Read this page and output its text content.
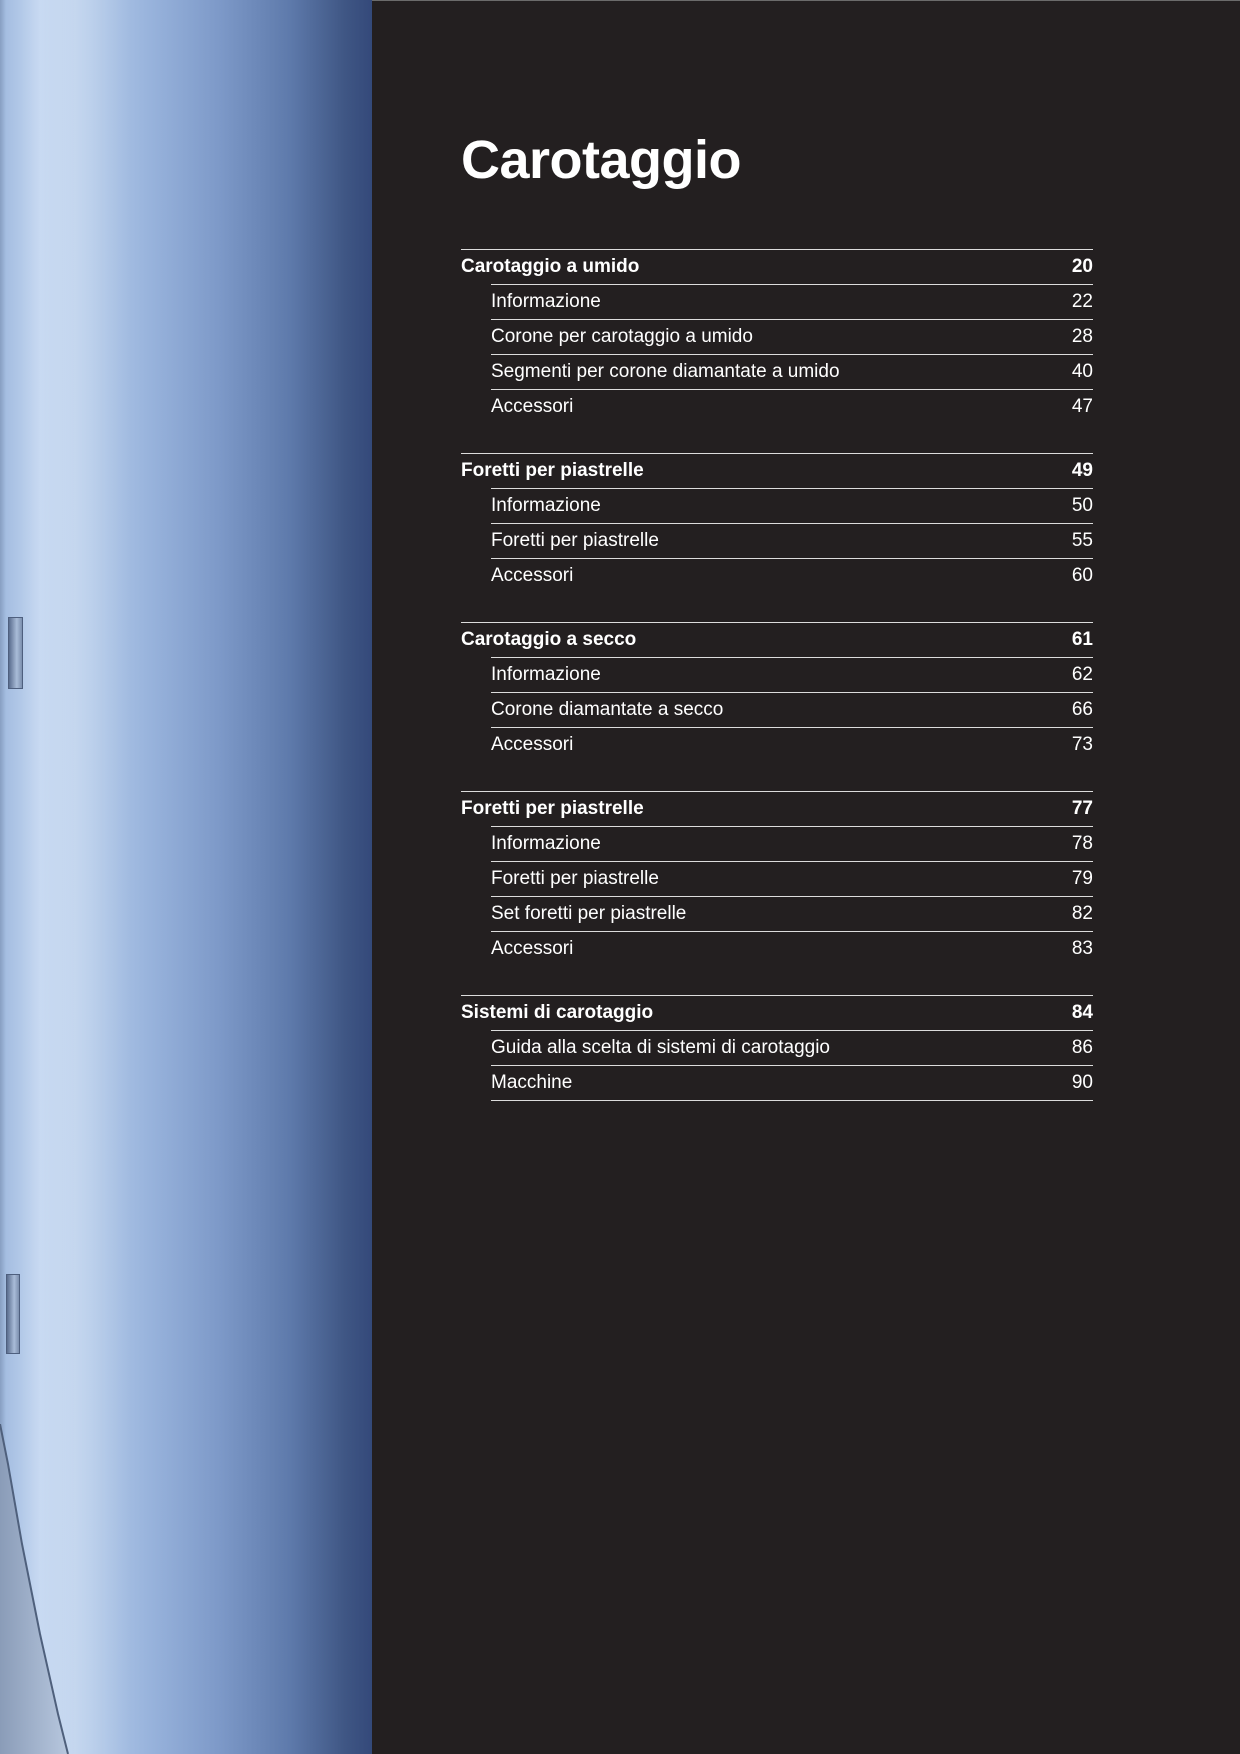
Carotaggio
Carotaggio a umido	20
Informazione	22
Corone per carotaggio a umido	28
Segmenti per corone diamantate a umido	40
Accessori	47
Foretti per piastrelle	49
Informazione	50
Foretti per piastrelle	55
Accessori	60
Carotaggio a secco	61
Informazione	62
Corone diamantate a secco	66
Accessori	73
Foretti per piastrelle	77
Informazione	78
Foretti per piastrelle	79
Set foretti per piastrelle	82
Accessori	83
Sistemi di carotaggio	84
Guida alla scelta di sistemi di carotaggio	86
Macchine	90
